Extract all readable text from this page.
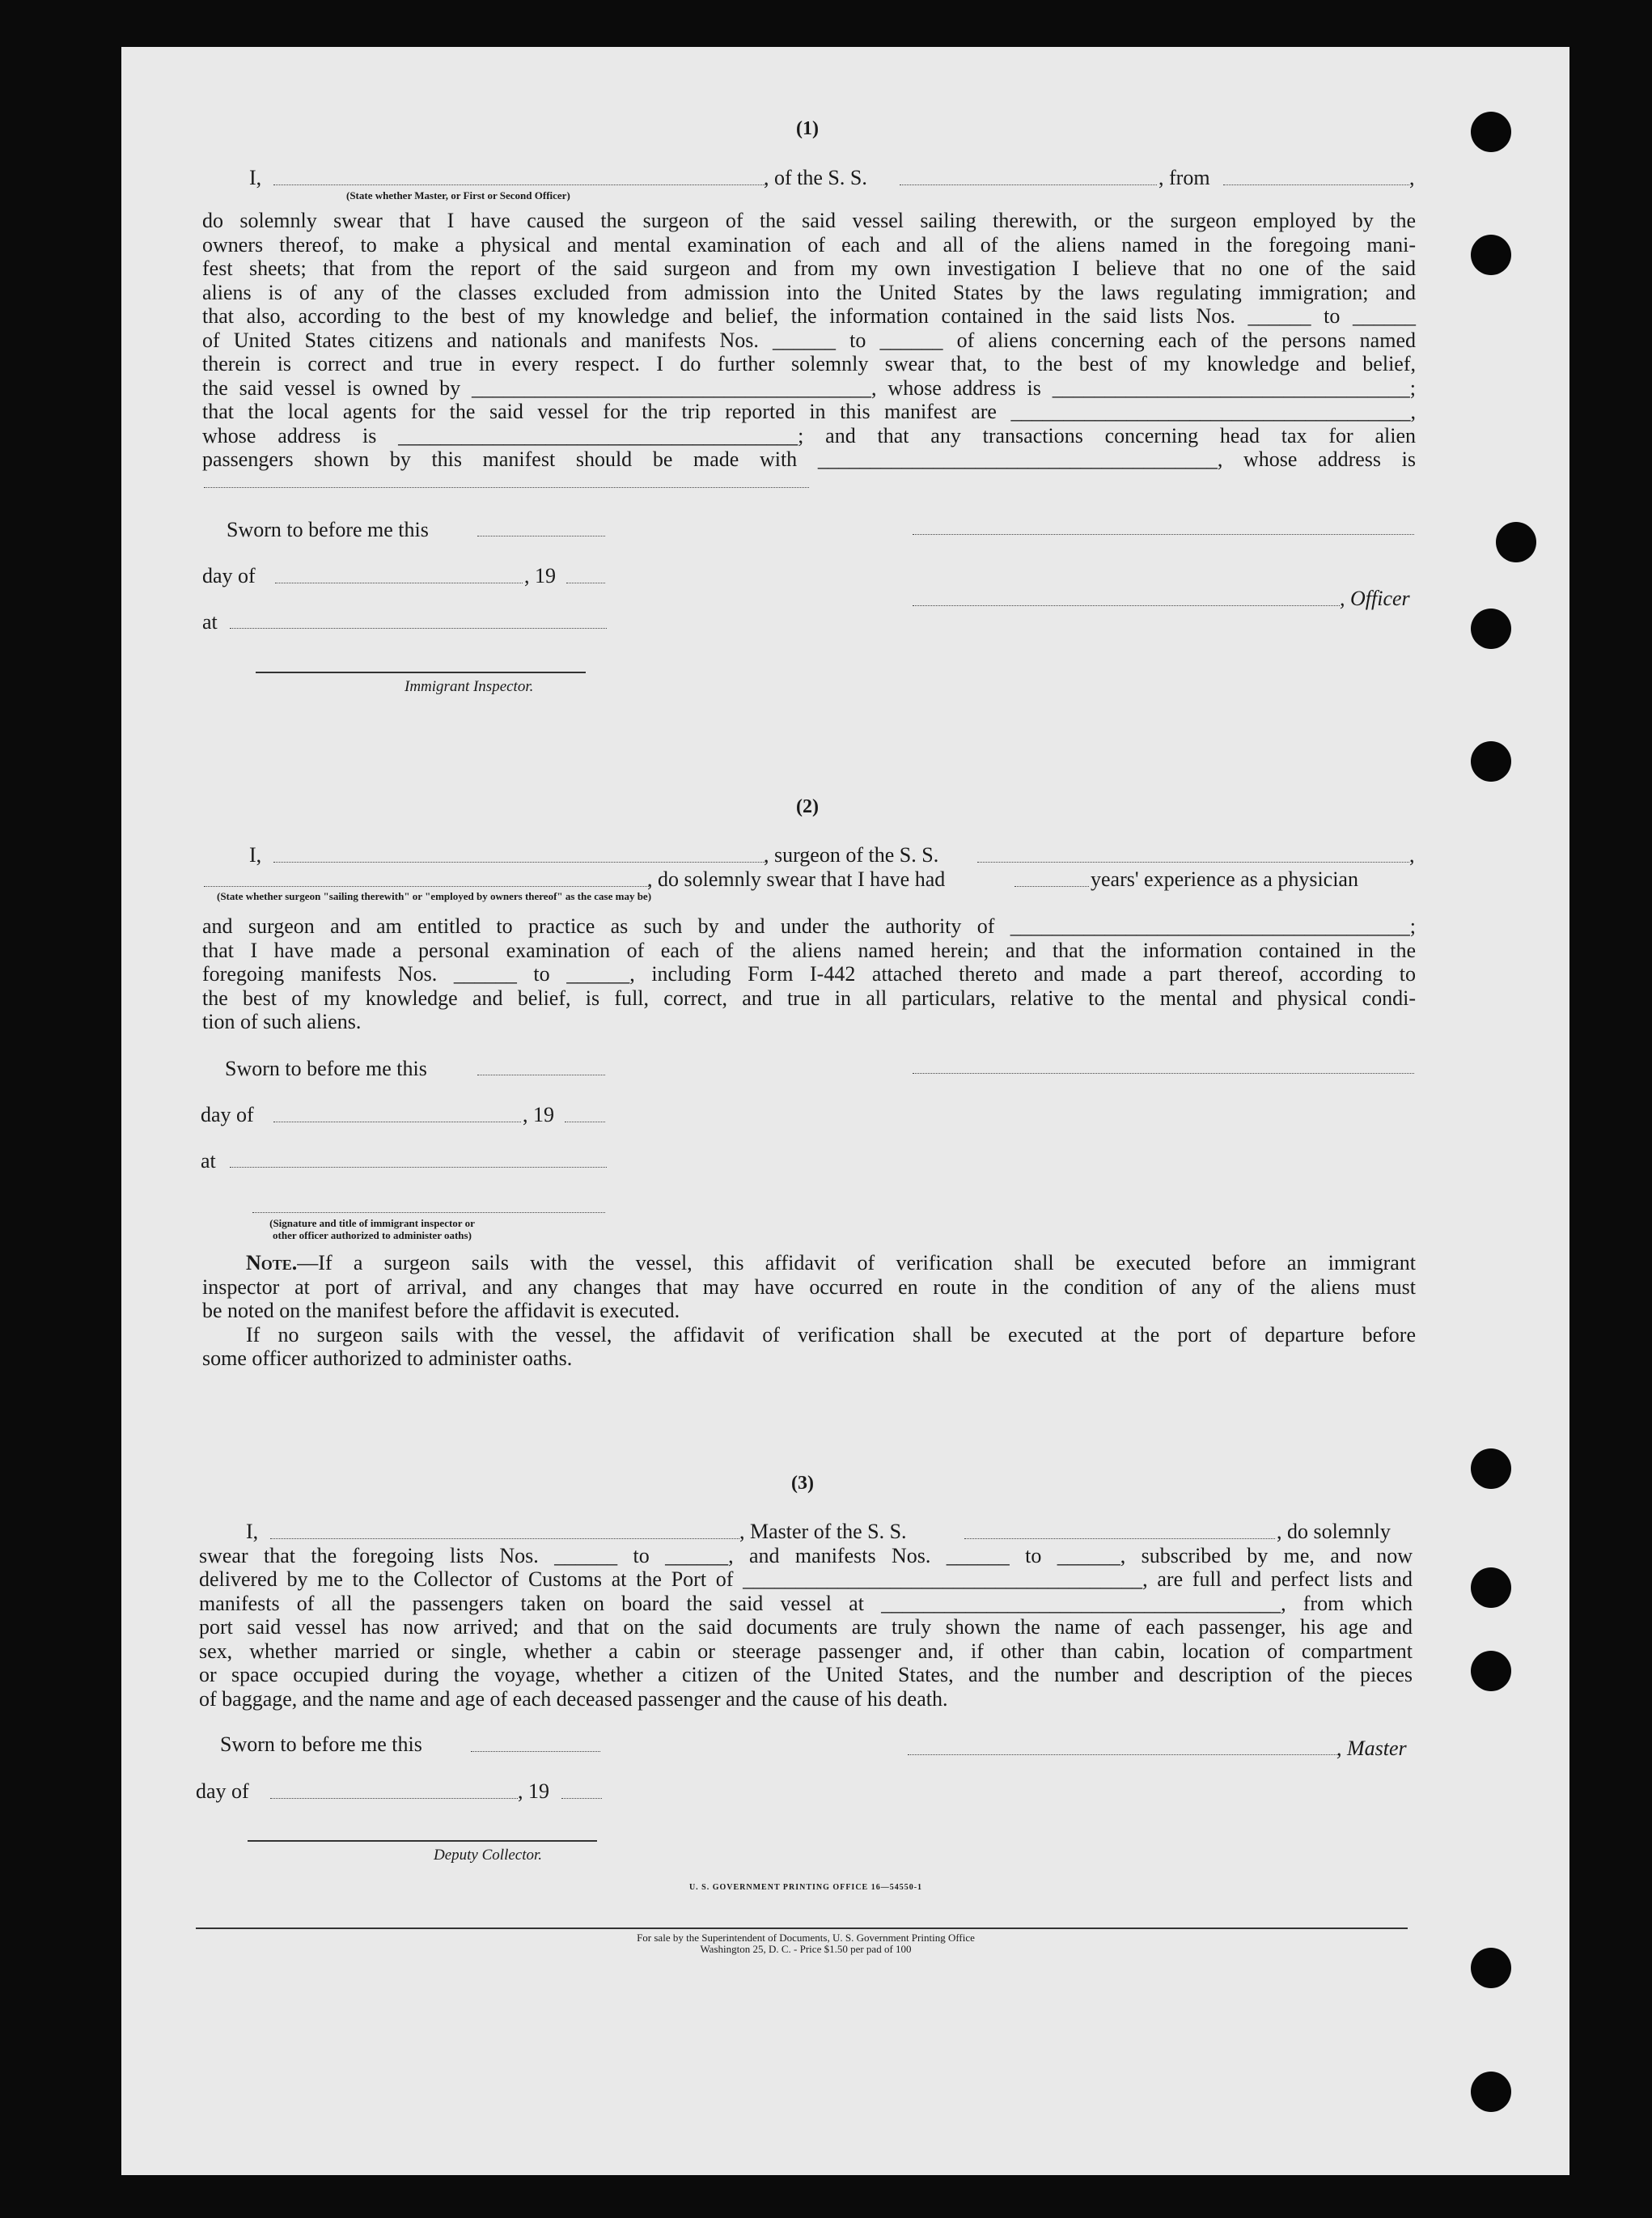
(1)
I,
(State whether Master, or First or Second Officer)
, of the S. S.	, from	,
do solemnly swear that I have caused the surgeon of the said vessel sailing therewith, or the surgeon employed by the
owners thereof, to make a physical and mental examination of each and all of the aliens named in the foregoing mani-
fest sheets; that from the report of the said surgeon and from my own investigation I believe that no one of the said
aliens is of any of the classes excluded from admission into the United States by the laws regulating immigration; and
that also, according to the best of my knowledge and belief, the information contained in the said lists Nos. ______ to ______
of United States citizens and nationals and manifests Nos. ______ to ______ of aliens concerning each of the persons named
therein is correct and true in every respect. I do further solemnly swear that, to the best of my knowledge and belief,
the said vessel is owned by ______________________________________, whose address is __________________________________;
that the local agents for the said vessel for the trip reported in this manifest are ______________________________________,
whose address is ______________________________________; and that any transactions concerning head tax for alien
passengers shown by this manifest should be made with ______________________________________, whose address is
Sworn to before me this
day of	, 19
, Officer
at
Immigrant Inspector.
(2)
I,	, surgeon of the S. S.	,
, do solemnly swear that I have had	years' experience as a physician
(State whether surgeon "sailing therewith" or "employed by owners thereof" as the case may be)
and surgeon and am entitled to practice as such by and under the authority of ______________________________________;
that I have made a personal examination of each of the aliens named herein; and that the information contained in the
foregoing manifests Nos. ______ to ______, including Form I-442 attached thereto and made a part thereof, according to
the best of my knowledge and belief, is full, correct, and true in all particulars, relative to the mental and physical condi-
tion of such aliens.
Sworn to before me this
day of	, 19
at
(Signature and title of immigrant inspector or other officer authorized to administer oaths)
Note.—If a surgeon sails with the vessel, this affidavit of verification shall be executed before an immigrant
inspector at port of arrival, and any changes that may have occurred en route in the condition of any of the aliens must
be noted on the manifest before the affidavit is executed.
If no surgeon sails with the vessel, the affidavit of verification shall be executed at the port of departure before
some officer authorized to administer oaths.
(3)
I,	, Master of the S. S.	, do solemnly
swear that the foregoing lists Nos. ______ to ______, and manifests Nos. ______ to ______, subscribed by me, and now
delivered by me to the Collector of Customs at the Port of ______________________________________, are full and perfect lists and
manifests of all the passengers taken on board the said vessel at ______________________________________, from which
port said vessel has now arrived; and that on the said documents are truly shown the name of each passenger, his age and
sex, whether married or single, whether a cabin or steerage passenger and, if other than cabin, location of compartment
or space occupied during the voyage, whether a citizen of the United States, and the number and description of the pieces
of baggage, and the name and age of each deceased passenger and the cause of his death.
Sworn to before me this	, Master
day of	, 19
Deputy Collector.
U. S. GOVERNMENT PRINTING OFFICE 16—54550-1
For sale by the Superintendent of Documents, U. S. Government Printing Office
Washington 25, D. C. - Price $1.50 per pad of 100
